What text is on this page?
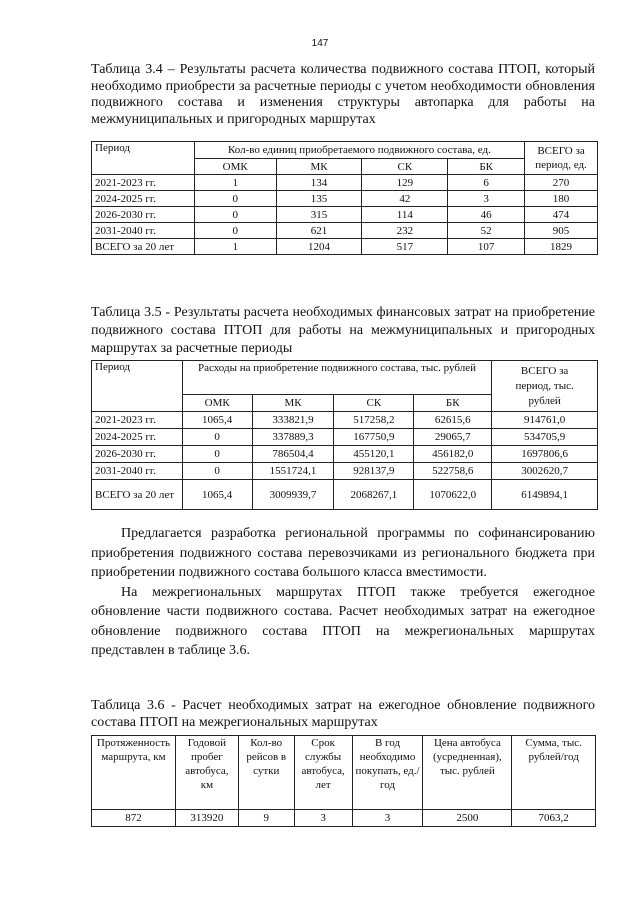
147
Таблица 3.4 – Результаты расчета количества подвижного состава ПТОП, который необходимо приобрести за расчетные периоды с учетом необходимости обновления подвижного состава и изменения структуры автопарка для работы на межмуниципальных и пригородных маршрутах
Период	Кол-во единиц приобретаемого подвижного состава, ед.				ВСЕГО за период, ед.
	ОМК	МК	СК	БК	
2021-2023 гг.	1	134	129	6	270
2024-2025 гг.	0	135	42	3	180
2026-2030 гг.	0	315	114	46	474
2031-2040 гг.	0	621	232	52	905
ВСЕГО за 20 лет	1	1204	517	107	1829
Таблица 3.5 - Результаты расчета необходимых финансовых затрат на приобретение подвижного состава ПТОП для работы на межмуниципальных и пригородных маршрутах за расчетные периоды
Период	Расходы на приобретение подвижного состава, тыс. рублей				ВСЕГО за период, тыс. рублей
	ОМК	МК	СК	БК	
2021-2023 гг.	1065,4	333821,9	517258,2	62615,6	914761,0
2024-2025 гг.	0	337889,3	167750,9	29065,7	534705,9
2026-2030 гг.	0	786504,4	455120,1	456182,0	1697806,6
2031-2040 гг.	0	1551724,1	928137,9	522758,6	3002620,7
ВСЕГО за 20 лет	1065,4	3009939,7	2068267,1	1070622,0	6149894,1

Предлагается разработка региональной программы по софинансированию приобретения подвижного состава перевозчиками из регионального бюджета при приобретении подвижного состава большого класса вместимости.

На межрегиональных маршрутах ПТОП также требуется ежегодное обновление части подвижного состава. Расчет необходимых затрат на ежегодное обновление подвижного состава ПТОП на межрегиональных маршрутах представлен в таблице 3.6.

Таблица 3.6 - Расчет необходимых затрат на ежегодное обновление подвижного состава ПТОП на межрегиональных маршрутах
Протяженность маршрута, км	Годовой пробег автобуса, км	Кол-во рейсов в сутки	Срок службы автобуса, лет	В год необходимо покупать, ед./год	Цена автобуса (усредненная), тыс. рублей	Сумма, тыс. рублей/год
872	313920	9	3	3	2500	7063,2
